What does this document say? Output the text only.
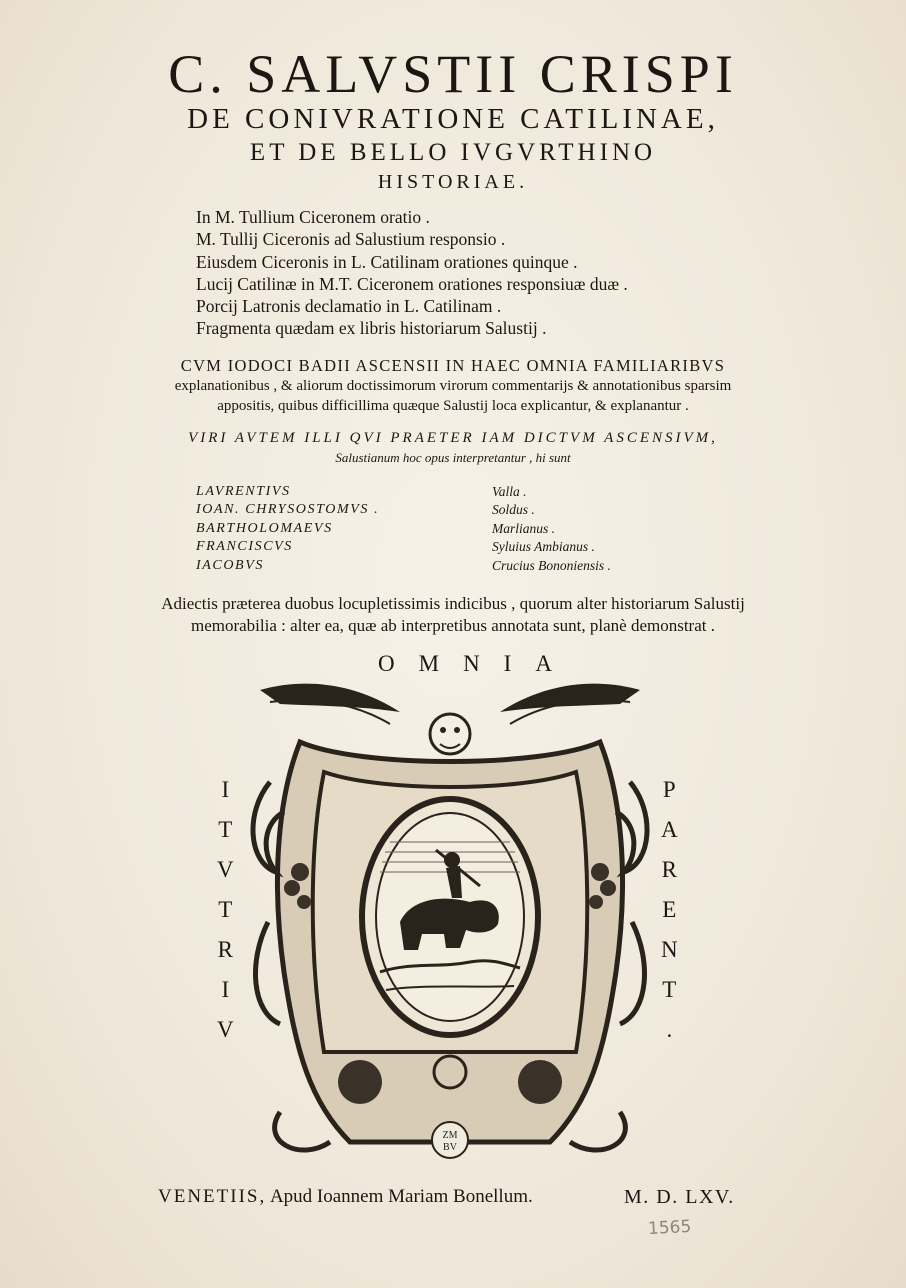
C. SALVSTII CRISPI
DE CONIVRATIONE CATILINAE,
ET DE BELLO IVGVRTHINO
HISTORIAE.
In M. Tullium Ciceronem oratio .
M. Tullij Ciceronis ad Salustium responsio .
Eiusdem Ciceronis in L. Catilinam orationes quinque .
Lucij Catilinæ in M.T. Ciceronem orationes responsiuæ duæ .
Porcij Latronis declamatio in L. Catilinam .
Fragmenta quædam ex libris historiarum Salustij .
CVM IODOCI BADII ASCENSII IN HAEC OMNIA FAMILIARIBVS
explanationibus , & aliorum doctissimorum virorum commentarijs & annotationibus sparsim
appositis, quibus difficillima quæque Salustij loca explicantur, & explanantur .
VIRI AVTEM ILLI QVI PRAETER IAM DICTVM ASCENSIVM,
Salustianum hoc opus interpretantur , hi sunt
LAVRENTIVS
IOAN. CHRYSOSTOMVS .
BARTHOLOMAEVS
FRANCISCVS
IACOBVS
Valla .
Soldus .
Marlianus .
Syluius Ambianus .
Crucius Bononiensis .
Adiectis præterea duobus locupletissimis indicibus , quorum alter historiarum Salustij
memorabilia : alter ea, quæ ab interpretibus annotata sunt, planè demonstrat .
OMNIA
V
I
R
T
V
T
I	P
A
R
E
N
T
.
ZM
BV
VENETIIS, Apud Ioannem Mariam Bonellum.	M. D. LXV.
1565
